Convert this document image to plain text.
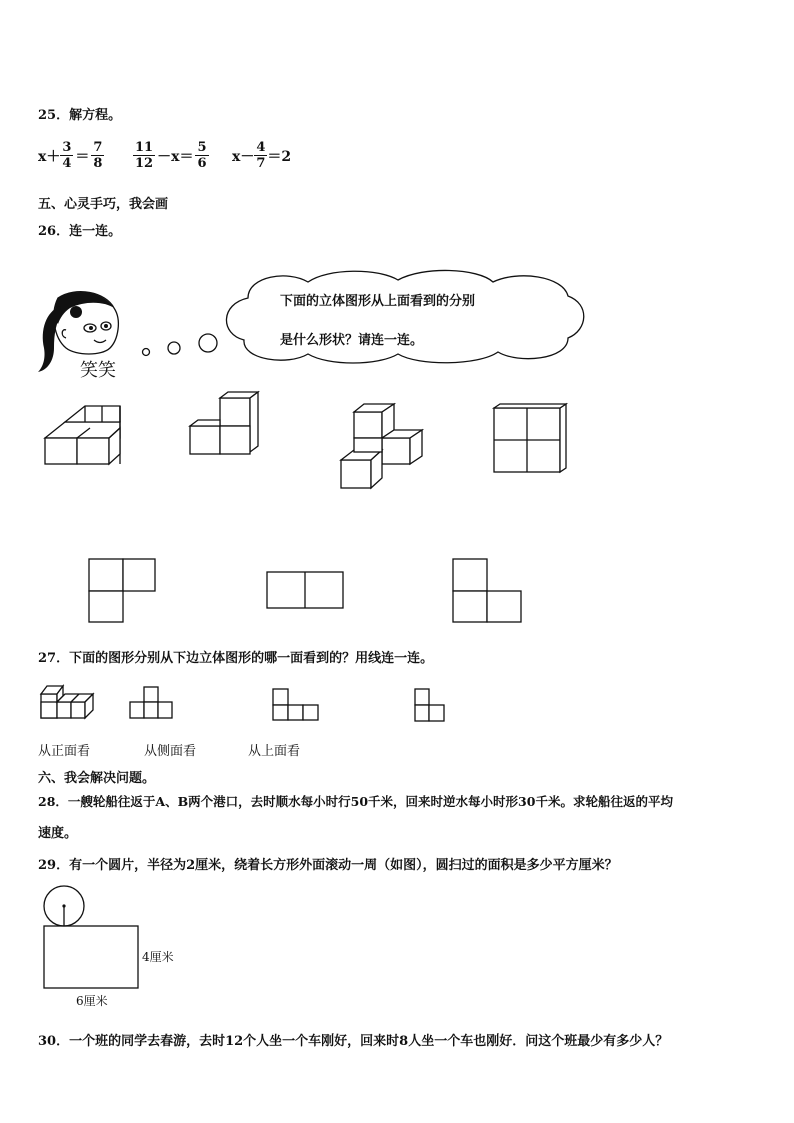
25．解方程。
$x+ \frac{3}{4} = \frac{7}{8} \frac{11}{12} -x= \frac{5}{6} x- \frac{4}{7} =2$
五、心灵手巧，我会画
26．连一连。
笑笑
下面的立体图形从上面看到的分别
是什么形状？请连一连。
27．下面的图形分别从下边立体图形的哪一面看到的？用线连一连。
从正面看	从侧面看	从上面看
六、我会解决问题。
28．一艘轮船往返于A、B两个港口，去时顺水每小时行50千米，回来时逆水每小时形30千米。求轮船往返的平均
速度。
29．有一个圆片，半径为2厘米，绕着长方形外面滚动一周（如图），圆扫过的面积是多少平方厘米？
4厘米
6厘米
30．一个班的同学去春游，去时12个人坐一个车刚好，回来时8人坐一个车也刚好．问这个班最少有多少人？
